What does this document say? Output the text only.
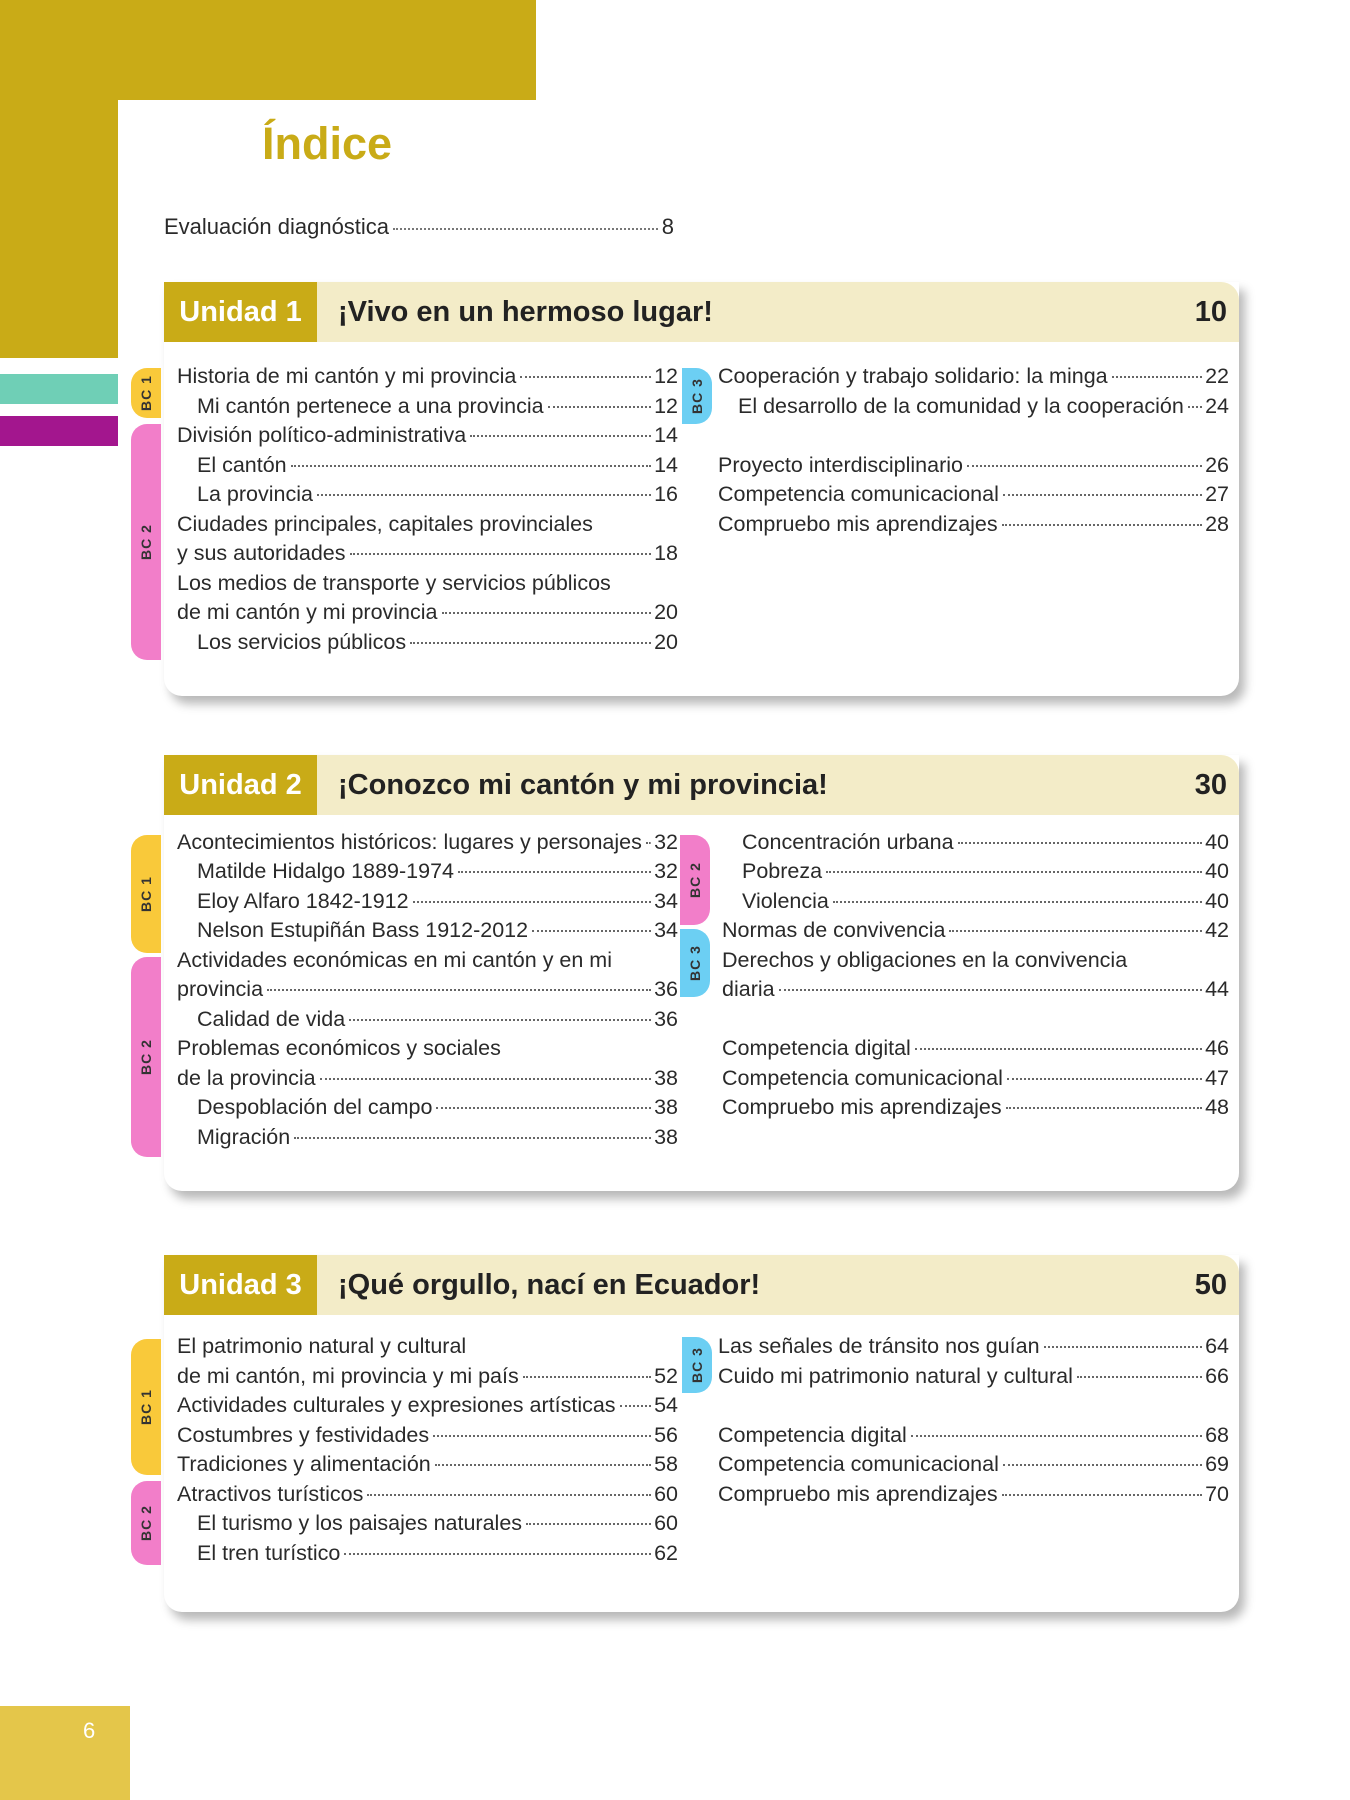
Índice
Evaluación diagnóstica	8
Unidad 1	¡Vivo en un hermoso lugar!	10
BC 1
BC 2
BC 3
Historia de mi cantón y mi provincia	12
Mi cantón pertenece a una provincia	12
División político-administrativa	14
El cantón	14
La provincia	16
Ciudades principales, capitales provinciales
y sus autoridades	18
Los medios de transporte y servicios públicos
de mi cantón y mi provincia	20
Los servicios públicos	20
Cooperación y trabajo solidario: la minga	22
El desarrollo de la comunidad y la cooperación 24
Proyecto interdisciplinario	26
Competencia comunicacional	27
Compruebo mis aprendizajes	28
Unidad 2	¡Conozco mi cantón y mi provincia!	30
BC 1
BC 2
BC 2
BC 3
Acontecimientos históricos: lugares y personajes 32
Matilde Hidalgo 1889-1974	32
Eloy Alfaro 1842-1912	34
Nelson Estupiñán Bass 1912-2012	34
Actividades económicas en mi cantón y en mi
provincia	36
Calidad de vida	36
Problemas económicos y sociales
de la provincia	38
Despoblación del campo	38
Migración	38
Concentración urbana	40
Pobreza	40
Violencia	40
Normas de convivencia	42
Derechos y obligaciones en la convivencia
diaria	44
Competencia digital	46
Competencia comunicacional	47
Compruebo mis aprendizajes	48
Unidad 3	¡Qué orgullo, nací en Ecuador!	50
BC 1
BC 2
BC 3
El patrimonio natural y cultural
de mi cantón, mi provincia y mi país	52
Actividades culturales y expresiones artísticas 54
Costumbres y festividades	56
Tradiciones y alimentación	58
Atractivos turísticos	60
El turismo y los paisajes naturales	60
El tren turístico	62
Las señales de tránsito nos guían	64
Cuido mi patrimonio natural y cultural	66
Competencia digital	68
Competencia comunicacional	69
Compruebo mis aprendizajes	70
6
